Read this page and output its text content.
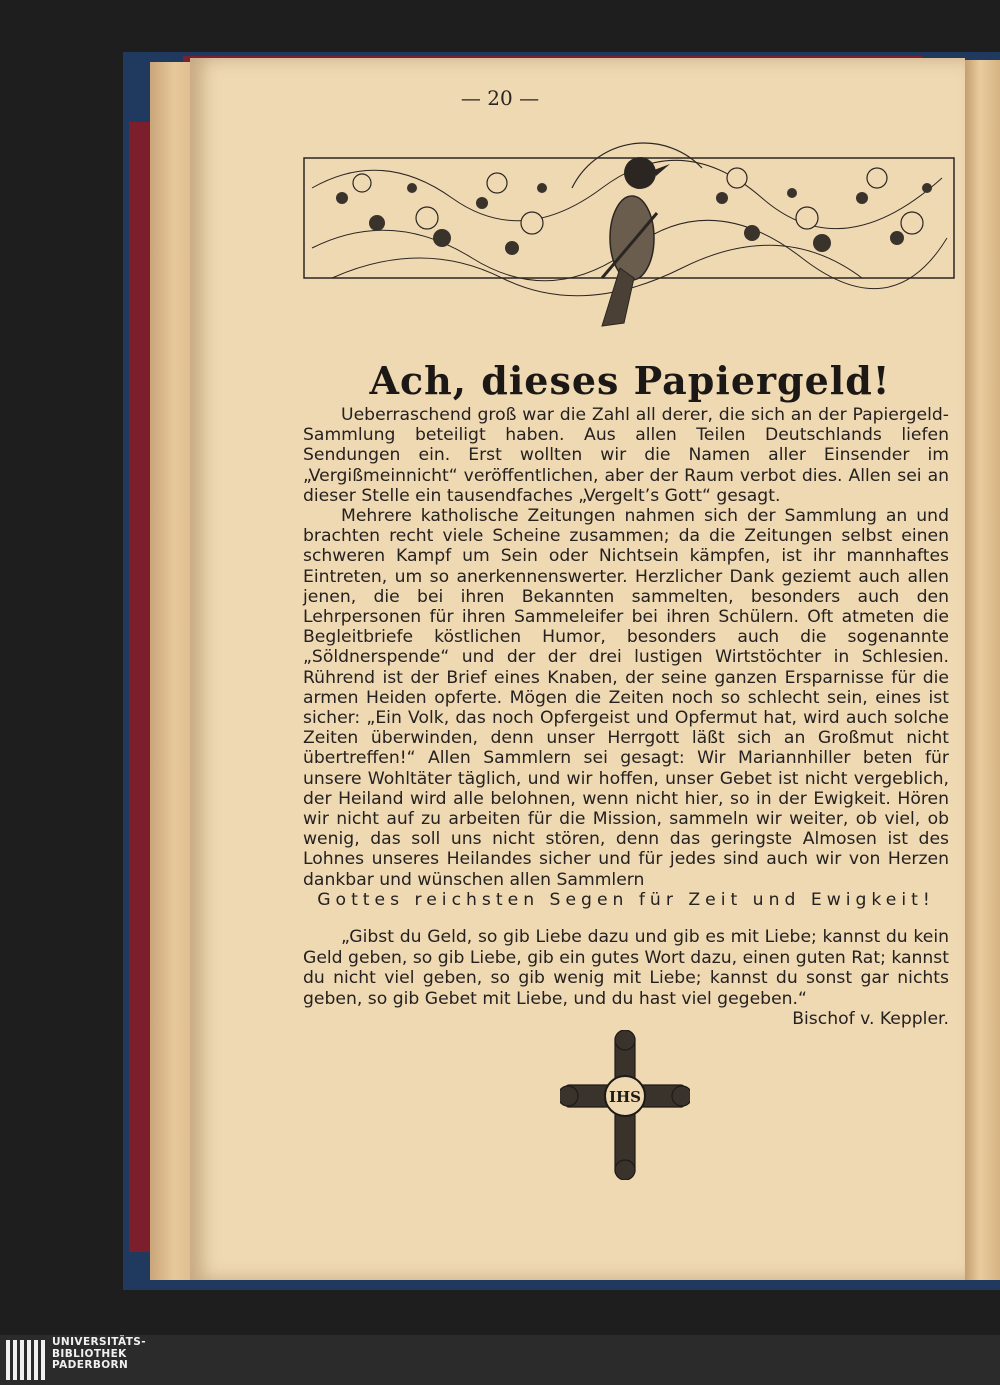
— 20 —
Ach, dieses Papiergeld!

Ueberraschend groß war die Zahl all derer, die sich an der Papiergeld-Sammlung beteiligt haben. Aus allen Teilen Deutschlands liefen Sendungen ein. Erst wollten wir die Namen aller Einsender im „Vergißmeinnicht“ veröffentlichen, aber der Raum verbot dies. Allen sei an dieser Stelle ein tausendfaches „Vergelt’s Gott“ gesagt.

Mehrere katholische Zeitungen nahmen sich der Sammlung an und brachten recht viele Scheine zusammen; da die Zeitungen selbst einen schweren Kampf um Sein oder Nichtsein kämpfen, ist ihr mannhaftes Eintreten, um so anerkennenswerter. Herzlicher Dank geziemt auch allen jenen, die bei ihren Bekannten sammelten, besonders auch den Lehrpersonen für ihren Sammeleifer bei ihren Schülern. Oft atmeten die Begleitbriefe köstlichen Humor, besonders auch die sogenannte „Söldnerspende“ und der der drei lustigen Wirtstöchter in Schlesien. Rührend ist der Brief eines Knaben, der seine ganzen Ersparnisse für die armen Heiden opferte. Mögen die Zeiten noch so schlecht sein, eines ist sicher: „Ein Volk, das noch Opfergeist und Opfermut hat, wird auch solche Zeiten überwinden, denn unser Herrgott läßt sich an Großmut nicht übertreffen!“ Allen Sammlern sei gesagt: Wir Mariannhiller beten für unsere Wohltäter täglich, und wir hoffen, unser Gebet ist nicht vergeblich, der Heiland wird alle belohnen, wenn nicht hier, so in der Ewigkeit. Hören wir nicht auf zu arbeiten für die Mission, sammeln wir weiter, ob viel, ob wenig, das soll uns nicht stören, denn das geringste Almosen ist des Lohnes unseres Heilandes sicher und für jedes sind auch wir von Herzen dankbar und wünschen allen Sammlern

Gottes reichsten Segen für Zeit und Ewigkeit!

„Gibst du Geld, so gib Liebe dazu und gib es mit Liebe; kannst du kein Geld geben, so gib Liebe, gib ein gutes Wort dazu, einen guten Rat; kannst du nicht viel geben, so gib wenig mit Liebe; kannst du sonst gar nichts geben, so gib Gebet mit Liebe, und du hast viel gegeben.“
Bischof v. Keppler.

IHS
UNIVERSITÄTS-
BIBLIOTHEK
PADERBORN
